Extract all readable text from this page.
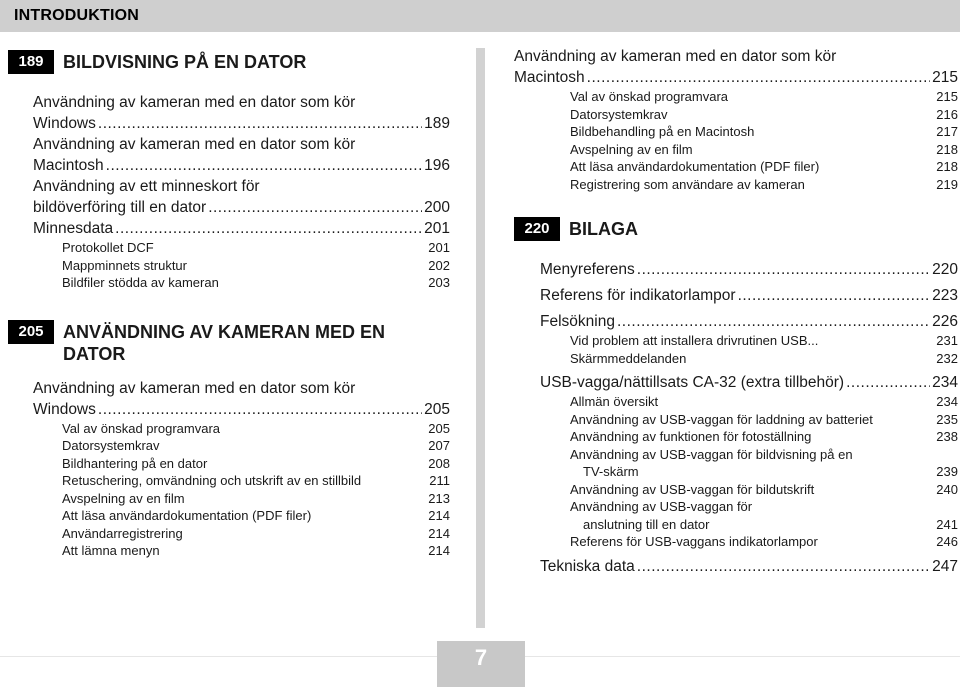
INTRODUKTION
189	BILDVISNING PÅ EN DATOR
Användning av kameran med en dator som kör
Windows .....	189
Användning av kameran med en dator som kör
Macintosh .....	196
Användning av ett minneskort för
bildöverföring till en dator .....	200
Minnesdata .....	201
Protokollet DCF	201
Mappminnets struktur	202
Bildfiler stödda av kameran	203
205	ANVÄNDNING AV KAMERAN MED EN
DATOR
Användning av kameran med en dator som kör
Windows .....	205
Val av önskad programvara	205
Datorsystemkrav	207
Bildhantering på en dator	208
Retuschering, omvändning och utskrift av en stillbild	211
Avspelning av en film	213
Att läsa användardokumentation (PDF filer)	214
Användarregistrering	214
Att lämna menyn	214
Användning av kameran med en dator som kör
Macintosh .....	215
Val av önskad programvara	215
Datorsystemkrav	216
Bildbehandling på en Macintosh	217
Avspelning av en film	218
Att läsa användardokumentation (PDF filer)	218
Registrering som användare av kameran	219
220	BILAGA
Menyreferens .....	220
Referens för indikatorlampor .....	223
Felsökning .....	226
Vid problem att installera drivrutinen USB...	231
Skärmmeddelanden	232
USB-vagga/nättillsats CA-32 (extra tillbehör) .....	234
Allmän översikt	234
Användning av USB-vaggan för laddning av batteriet	235
Användning av funktionen för fotoställning	238
Användning av USB-vaggan för bildvisning på en
TV-skärm	239
Användning av USB-vaggan för bildutskrift	240
Användning av USB-vaggan för
anslutning till en dator	241
Referens för USB-vaggans indikatorlampor	246
Tekniska data .....	247
7
